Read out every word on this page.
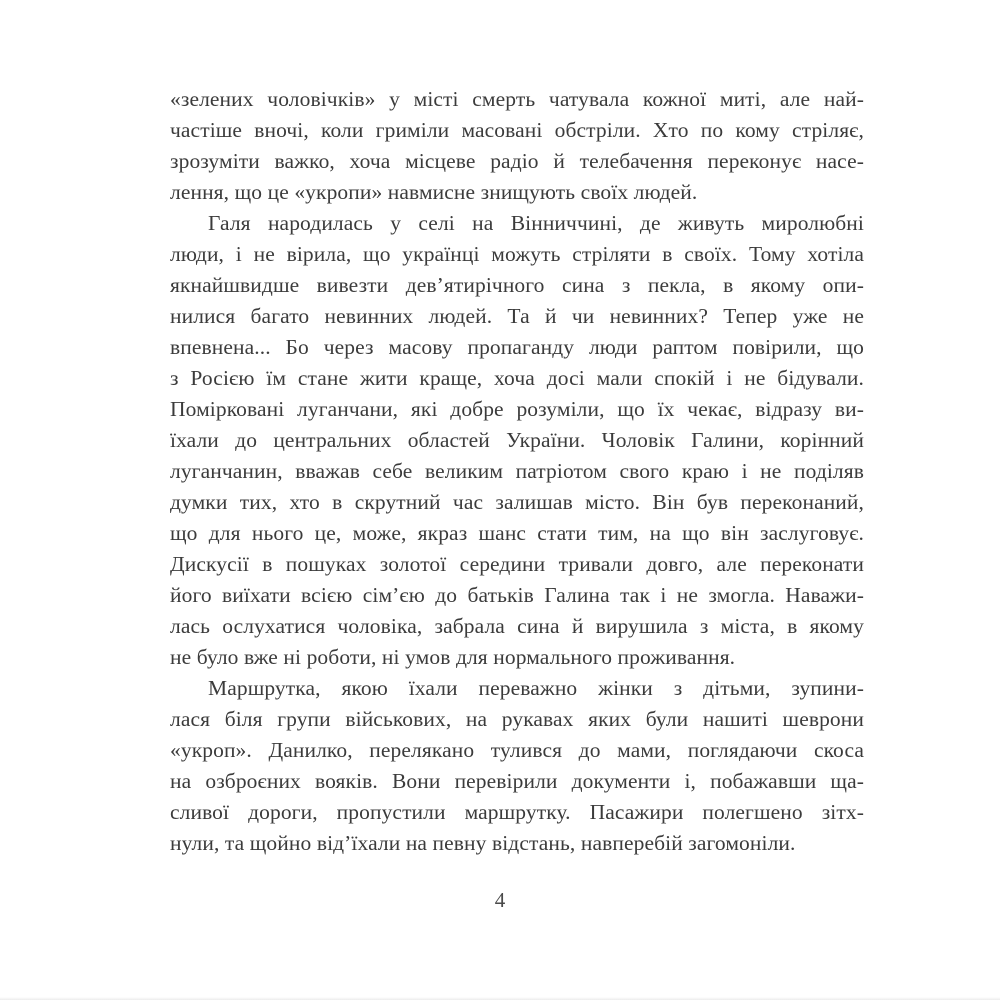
«зелених чоловічків» у місті смерть чатувала кожної миті, але най-
частіше вночі, коли гриміли масовані обстріли. Хто по кому стріляє,
зрозуміти важко, хоча місцеве радіо й телебачення переконує насе-
лення, що це «укропи» навмисне знищують своїх людей.
Галя народилась у селі на Вінниччині, де живуть миролюбні
люди, і не вірила, що українці можуть стріляти в своїх. Тому хотіла
якнайшвидше вивезти дев’ятирічного сина з пекла, в якому опи-
нилися багато невинних людей. Та й чи невинних? Тепер уже не
впевнена... Бо через масову пропаганду люди раптом повірили, що
з Росією їм стане жити краще, хоча досі мали спокій і не бідували.
Помірковані луганчани, які добре розуміли, що їх чекає, відразу ви-
їхали до центральних областей України. Чоловік Галини, корінний
луганчанин, вважав себе великим патріотом свого краю і не поділяв
думки тих, хто в скрутний час залишав місто. Він був переконаний,
що для нього це, може, якраз шанс стати тим, на що він заслуговує.
Дискусії в пошуках золотої середини тривали довго, але переконати
його виїхати всією сім’єю до батьків Галина так і не змогла. Наважи-
лась ослухатися чоловіка, забрала сина й вирушила з міста, в якому
не було вже ні роботи, ні умов для нормального проживання.
Маршрутка, якою їхали переважно жінки з дітьми, зупини-
лася біля групи військових, на рукавах яких були нашиті шеврони
«укроп». Данилко, перелякано тулився до мами, поглядаючи скоса
на озброєних вояків. Вони перевірили документи і, побажавши ща-
сливої дороги, пропустили маршрутку. Пасажири полегшено зітх-
нули, та щойно від’їхали на певну відстань, навперебій загомоніли.
4
